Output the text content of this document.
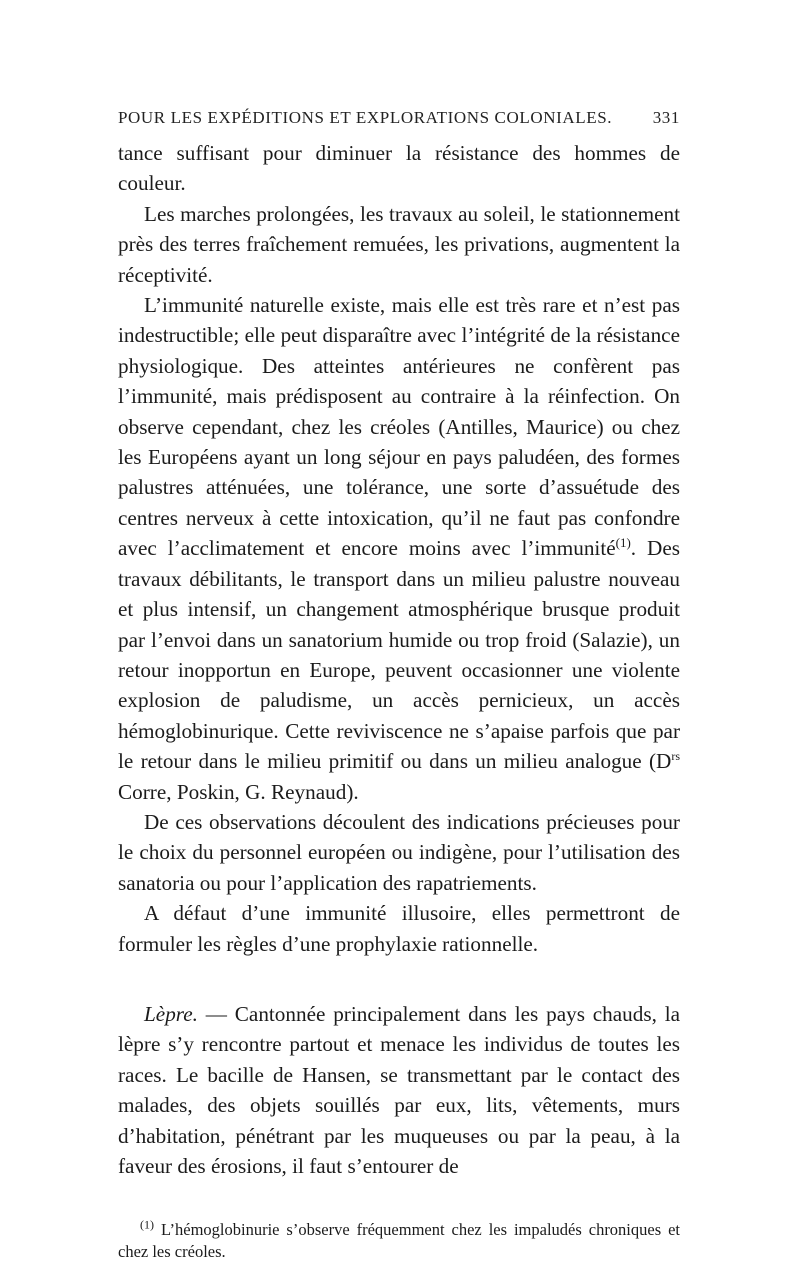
POUR LES EXPÉDITIONS ET EXPLORATIONS COLONIALES. 331

tance suffisant pour diminuer la résistance des hommes de couleur.

Les marches prolongées, les travaux au soleil, le stationnement près des terres fraîchement remuées, les privations, augmentent la réceptivité.

L’immunité naturelle existe, mais elle est très rare et n’est pas indestructible; elle peut disparaître avec l’intégrité de la résistance physiologique. Des atteintes antérieures ne confèrent pas l’immunité, mais prédisposent au contraire à la réinfection. On observe cependant, chez les créoles (Antilles, Maurice) ou chez les Européens ayant un long séjour en pays paludéen, des formes palustres atténuées, une tolérance, une sorte d’assuétude des centres nerveux à cette intoxication, qu’il ne faut pas confondre avec l’acclimatement et encore moins avec l’immunité$^{(1)}$. Des travaux débilitants, le transport dans un milieu palustre nouveau et plus intensif, un changement atmosphérique brusque produit par l’envoi dans un sanatorium humide ou trop froid (Salazie), un retour inopportun en Europe, peuvent occasionner une violente explosion de paludisme, un accès pernicieux, un accès hémoglobinurique. Cette reviviscence ne s’apaise parfois que par le retour dans le milieu primitif ou dans un milieu analogue ($D^{rs}$ Corre, Poskin, G. Reynaud).

De ces observations découlent des indications précieuses pour le choix du personnel européen ou indigène, pour l’utilisation des sanatoria ou pour l’application des rapatriements.

A défaut d’une immunité illusoire, elles permettront de formuler les règles d’une prophylaxie rationnelle.

Lèpre. — Cantonnée principalement dans les pays chauds, la lèpre s’y rencontre partout et menace les individus de toutes les races. Le bacille de Hansen, se transmettant par le contact des malades, des objets souillés par eux, lits, vêtements, murs d’habitation, pénétrant par les muqueuses ou par la peau, à la faveur des érosions, il faut s’entourer de

$^{(1)}$ L’hémoglobinurie s’observe fréquemment chez les impaludés chroniques et chez les créoles.
